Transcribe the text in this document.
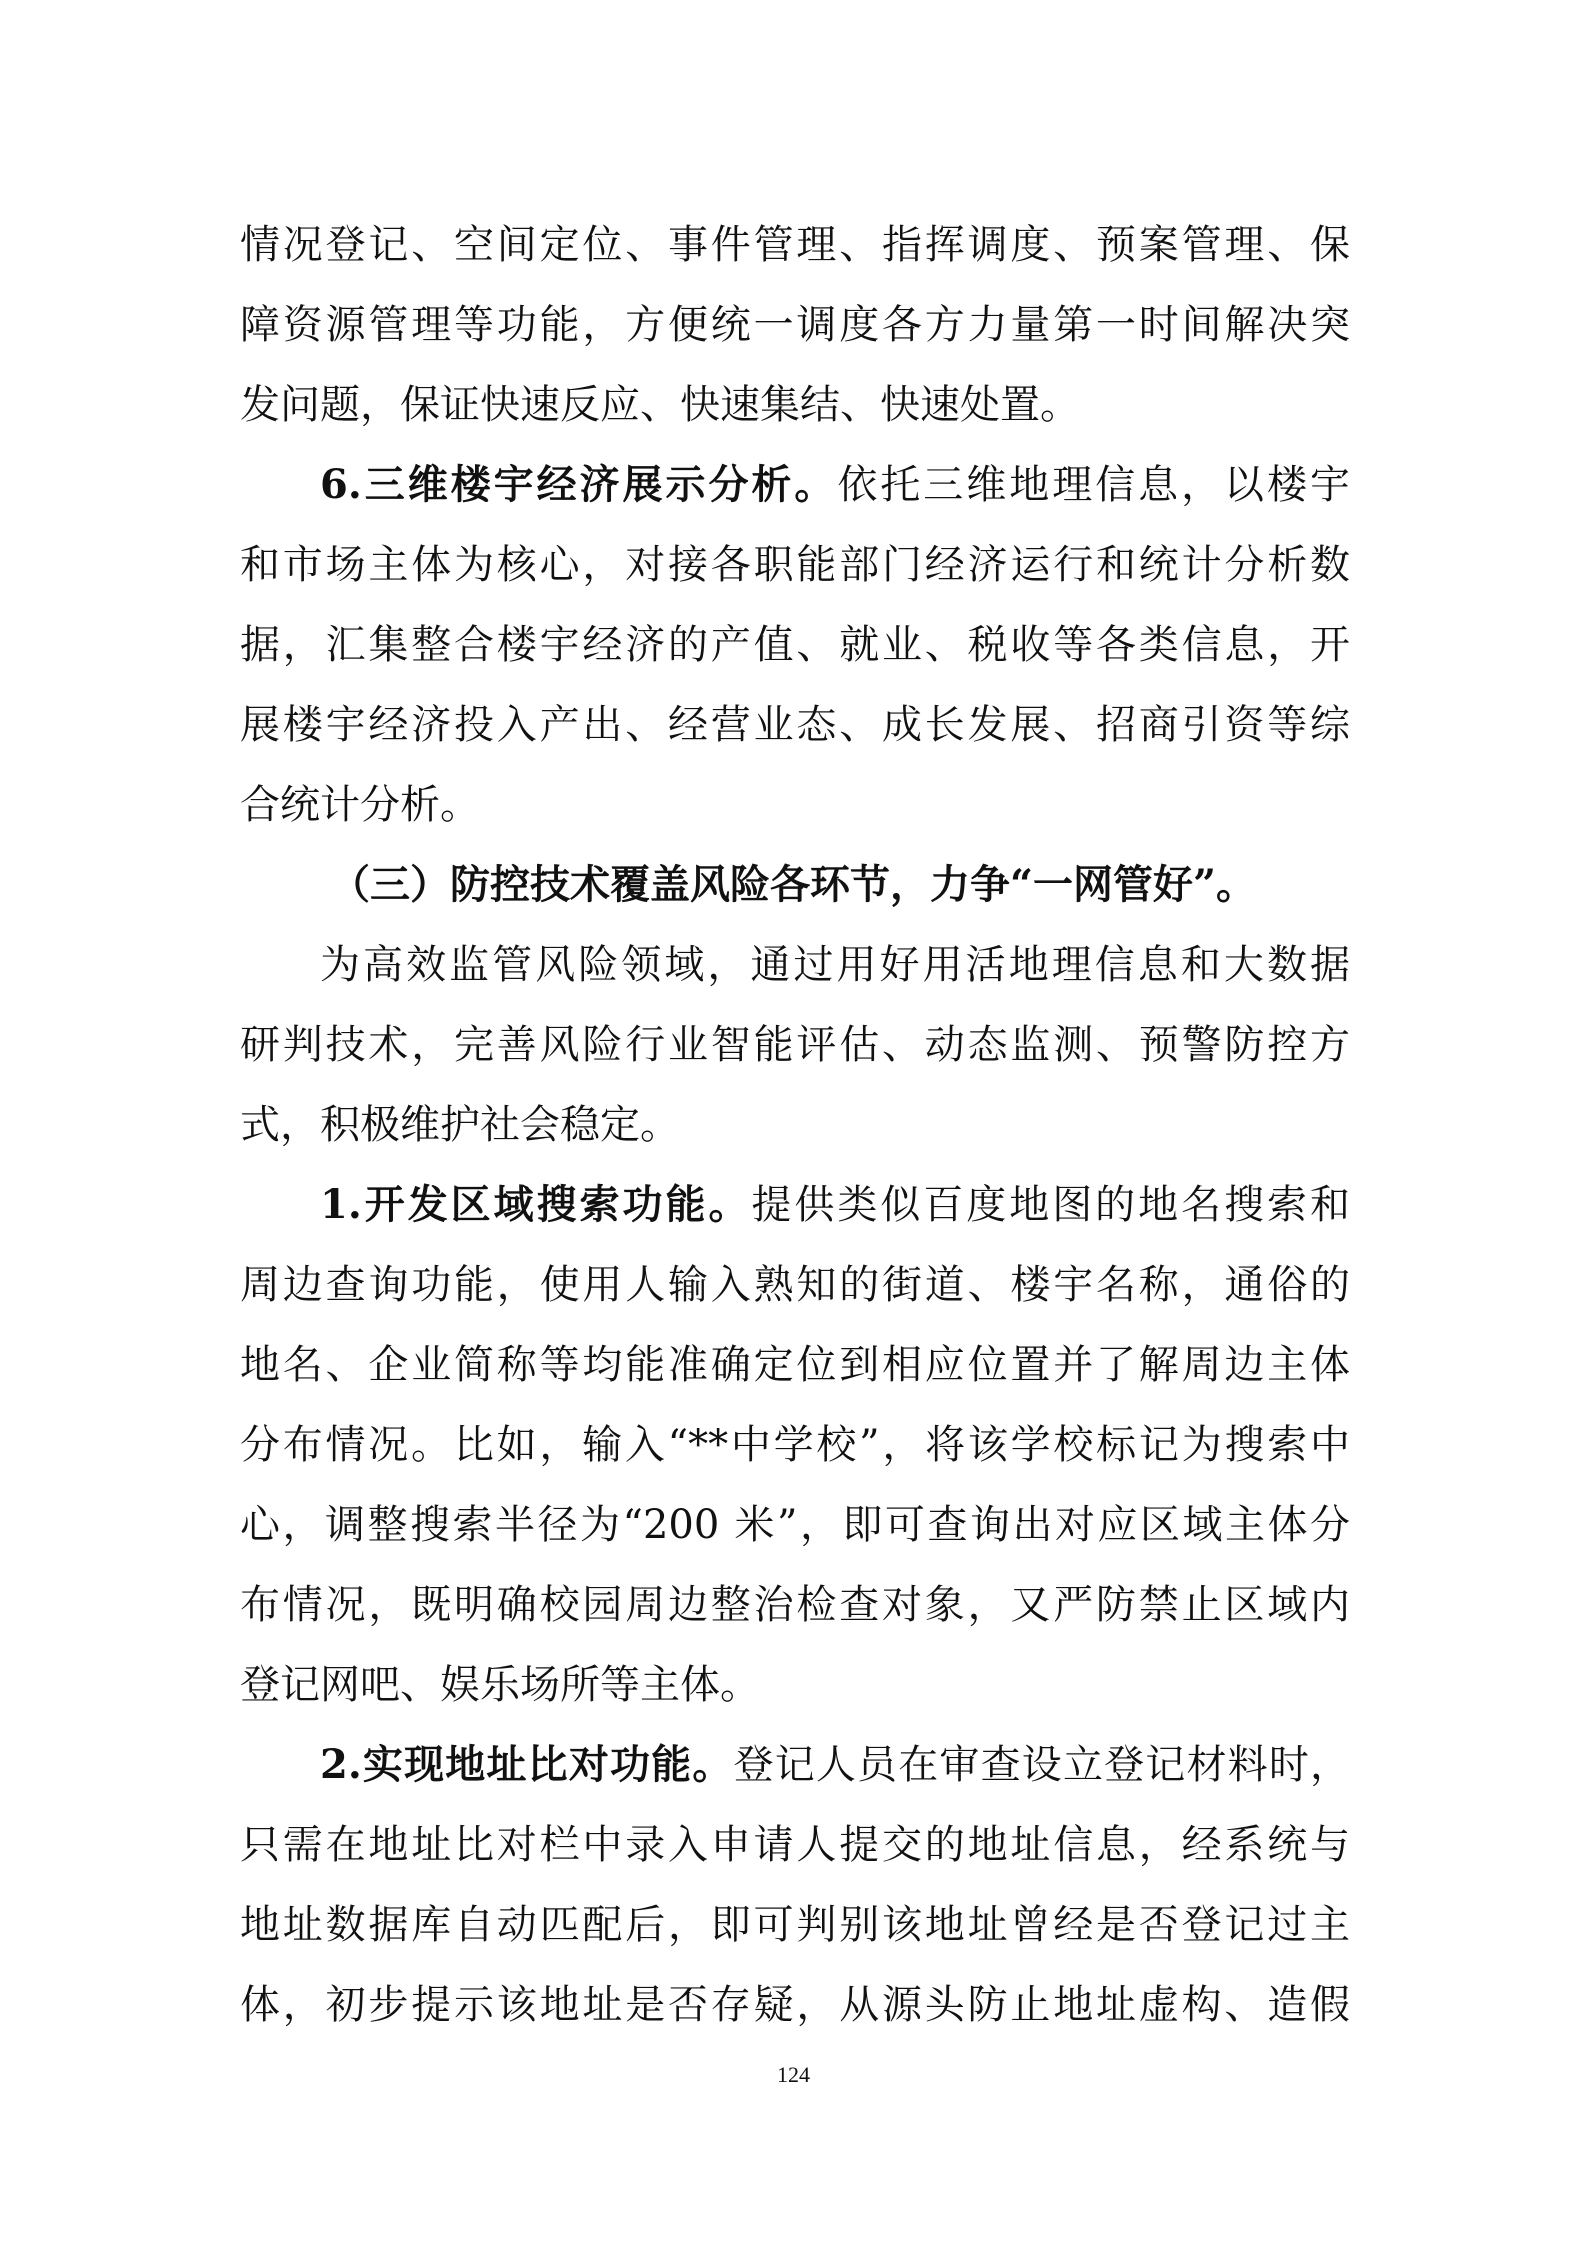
情况登记、空间定位、事件管理、指挥调度、预案管理、保
障资源管理等功能，方便统一调度各方力量第一时间解决突
发问题，保证快速反应、快速集结、快速处置。
6.三维楼宇经济展示分析。依托三维地理信息，以楼宇
和市场主体为核心，对接各职能部门经济运行和统计分析数
据，汇集整合楼宇经济的产值、就业、税收等各类信息，开
展楼宇经济投入产出、经营业态、成长发展、招商引资等综
合统计分析。
（三）防控技术覆盖风险各环节，力争“一网管好”。
为高效监管风险领域，通过用好用活地理信息和大数据
研判技术，完善风险行业智能评估、动态监测、预警防控方
式，积极维护社会稳定。
1.开发区域搜索功能。提供类似百度地图的地名搜索和
周边查询功能，使用人输入熟知的街道、楼宇名称，通俗的
地名、企业简称等均能准确定位到相应位置并了解周边主体
分布情况。比如，输入“**中学校”，将该学校标记为搜索中
心，调整搜索半径为“200 米”，即可查询出对应区域主体分
布情况，既明确校园周边整治检查对象，又严防禁止区域内
登记网吧、娱乐场所等主体。
2.实现地址比对功能。登记人员在审查设立登记材料时，
只需在地址比对栏中录入申请人提交的地址信息，经系统与
地址数据库自动匹配后，即可判别该地址曾经是否登记过主
体，初步提示该地址是否存疑，从源头防止地址虚构、造假
124
